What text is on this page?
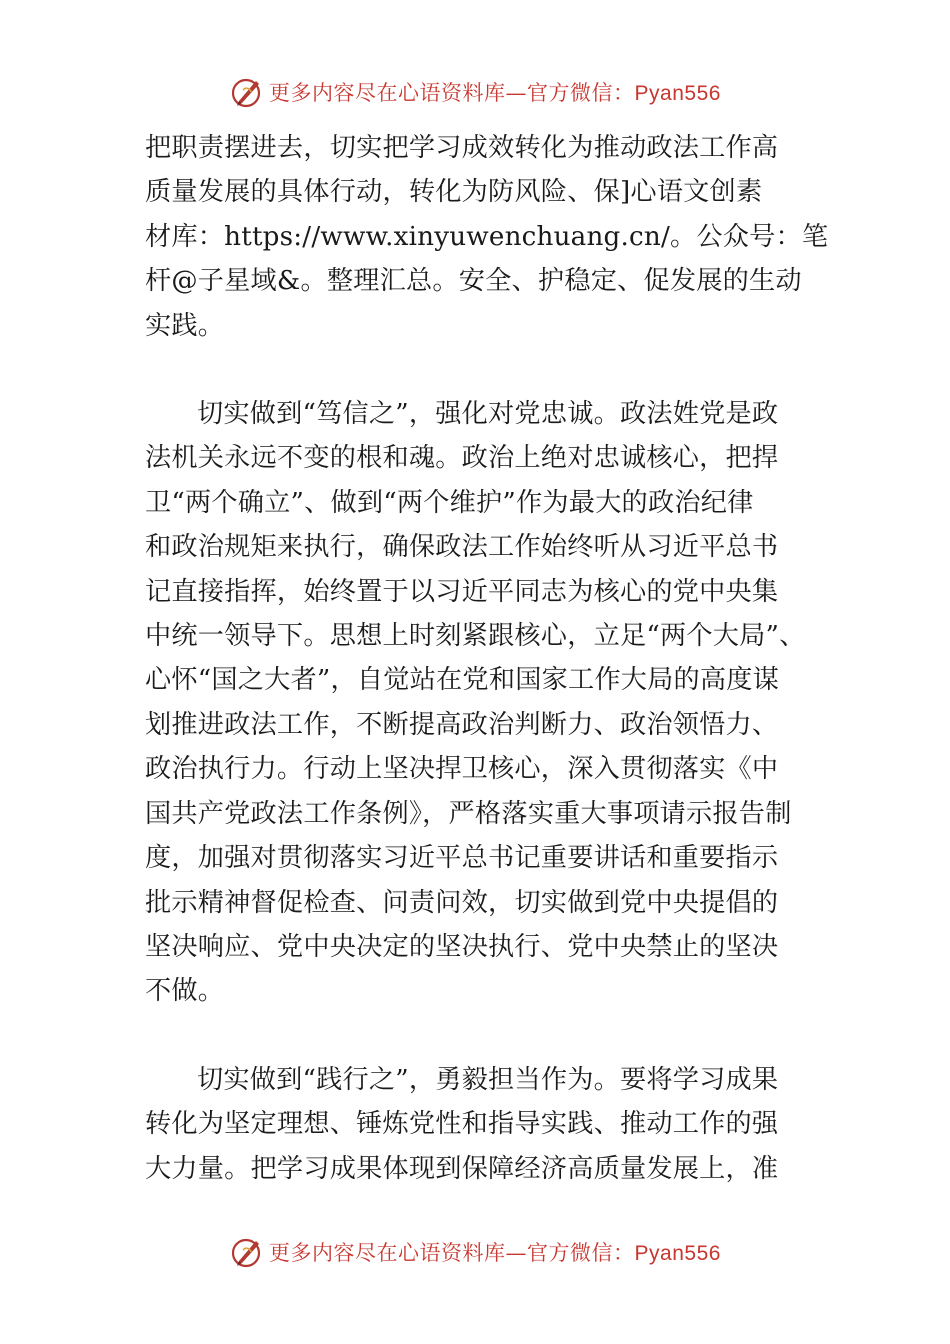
更多内容尽在心语资料库—官方微信：Pyan556

把职责摆进去，切实把学习成效转化为推动政法工作高
质量发展的具体行动，转化为防风险、保]心语文创素
材库：https://www.xinyuwenchuang.cn/。公众号：笔
杆@子星域&。整理汇总。安全、护稳定、促发展的生动
实践。

切实做到“笃信之”，强化对党忠诚。政法姓党是政
法机关永远不变的根和魂。政治上绝对忠诚核心，把捍
卫“两个确立”、做到“两个维护”作为最大的政治纪律
和政治规矩来执行，确保政法工作始终听从习近平总书
记直接指挥，始终置于以习近平同志为核心的党中央集
中统一领导下。思想上时刻紧跟核心，立足“两个大局”、
心怀“国之大者”，自觉站在党和国家工作大局的高度谋
划推进政法工作，不断提高政治判断力、政治领悟力、
政治执行力。行动上坚决捍卫核心，深入贯彻落实《中
国共产党政法工作条例》，严格落实重大事项请示报告制
度，加强对贯彻落实习近平总书记重要讲话和重要指示
批示精神督促检查、问责问效，切实做到党中央提倡的
坚决响应、党中央决定的坚决执行、党中央禁止的坚决
不做。

切实做到“践行之”，勇毅担当作为。要将学习成果
转化为坚定理想、锤炼党性和指导实践、推动工作的强
大力量。把学习成果体现到保障经济高质量发展上，准

更多内容尽在心语资料库—官方微信：Pyan556
